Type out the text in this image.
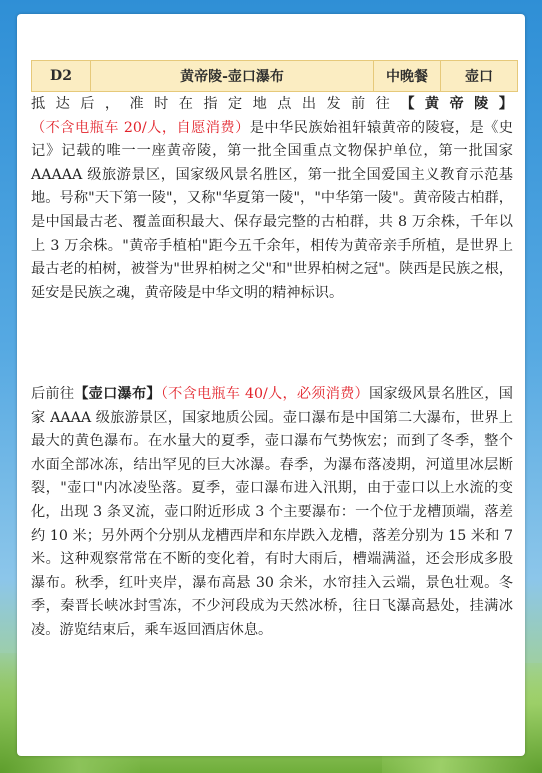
D2	黄帝陵-壶口瀑布	中晚餐	壶口

抵达后，准时在指定地点出发前往【黄帝陵】（不含电瓶车 20/人，自愿消费）是中华民族始祖轩辕黄帝的陵寝，是《史记》记载的唯一一座黄帝陵，第一批全国重点文物保护单位，第一批国家 AAAAA 级旅游景区，国家级风景名胜区，第一批全国爱国主义教育示范基地。号称"天下第一陵"，又称"华夏第一陵"，"中华第一陵"。黄帝陵古柏群，是中国最古老、覆盖面积最大、保存最完整的古柏群，共 8 万余株，千年以上 3 万余株。"黄帝手植柏"距今五千余年，相传为黄帝亲手所植，是世界上最古老的柏树，被誉为"世界柏树之父"和"世界柏树之冠"。陕西是民族之根，延安是民族之魂，黄帝陵是中华文明的精神标识。

后前往【壶口瀑布】（不含电瓶车 40/人，必须消费）国家级风景名胜区，国家 AAAA 级旅游景区，国家地质公园。壶口瀑布是中国第二大瀑布，世界上最大的黄色瀑布。在水量大的夏季，壶口瀑布气势恢宏；而到了冬季，整个水面全部冰冻，结出罕见的巨大冰瀑。春季，为瀑布落凌期，河道里冰层断裂，"壶口"内冰凌坠落。夏季，壶口瀑布进入汛期，由于壶口以上水流的变化，出现 3 条叉流，壶口附近形成 3 个主要瀑布：一个位于龙槽顶端，落差约 10 米；另外两个分别从龙槽西岸和东岸跌入龙槽，落差分别为 15 米和 7 米。这种观察常常在不断的变化着，有时大雨后，槽端满溢，还会形成多股瀑布。秋季，红叶夹岸，瀑布高悬 30 余米，水帘挂入云端，景色壮观。冬季，秦晋长峡冰封雪冻，不少河段成为天然冰桥，往日飞瀑高悬处，挂满冰凌。游览结束后，乘车返回酒店休息。
